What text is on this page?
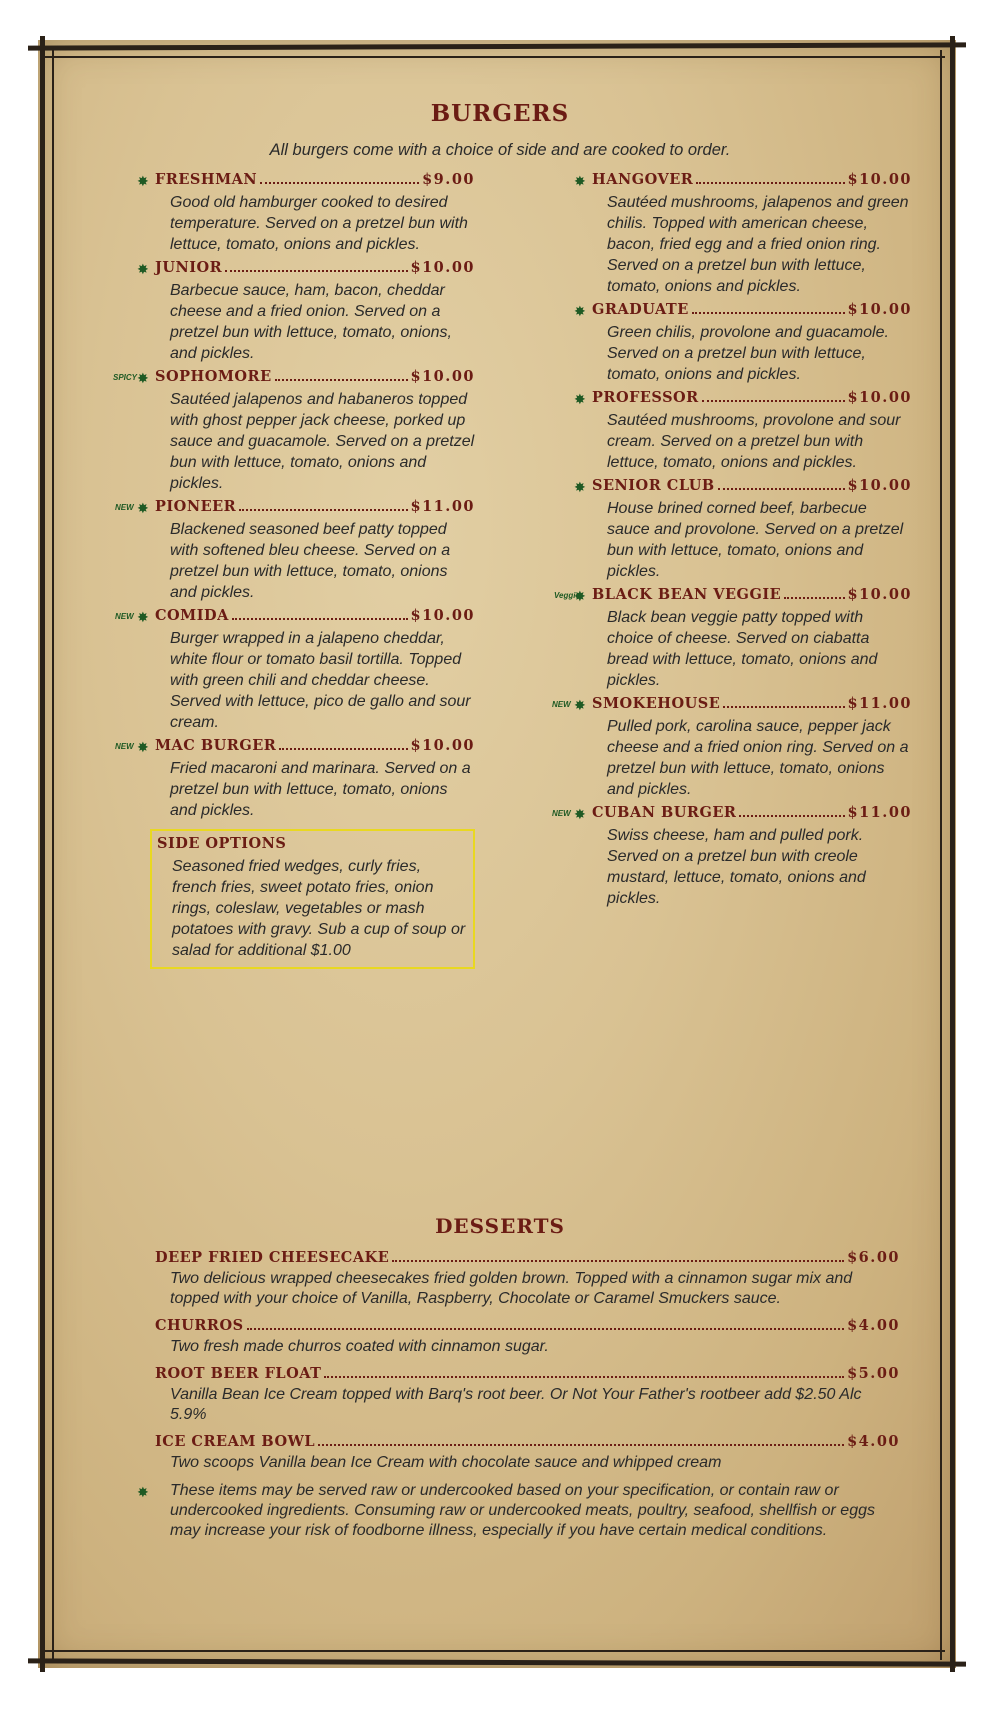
BURGERS
All burgers come with a choice of side and are cooked to order.
✸ FRESHMAN	$9.00
Good old hamburger cooked to desired temperature. Served on a pretzel bun with lettuce, tomato, onions and pickles.
✸ JUNIOR	$10.00
Barbecue sauce, ham, bacon, cheddar cheese and a fried onion. Served on a pretzel bun with lettuce, tomato, onions, and pickles.
SPICY ✸ SOPHOMORE	$10.00
Sautéed jalapenos and habaneros topped with ghost pepper jack cheese, porked up sauce and guacamole. Served on a pretzel bun with lettuce, tomato, onions and pickles.
NEW ✸ PIONEER	$11.00
Blackened seasoned beef patty topped with softened bleu cheese. Served on a pretzel bun with lettuce, tomato, onions and pickles.
NEW ✸ COMIDA	$10.00
Burger wrapped in a jalapeno cheddar, white flour or tomato basil tortilla. Topped with green chili and cheddar cheese. Served with lettuce, pico de gallo and sour cream.
NEW ✸ MAC BURGER	$10.00
Fried macaroni and marinara. Served on a pretzel bun with lettuce, tomato, onions and pickles.
SIDE OPTIONS
Seasoned fried wedges, curly fries, french fries, sweet potato fries, onion rings, coleslaw, vegetables or mash potatoes with gravy. Sub a cup of soup or salad for additional $1.00
✸ HANGOVER	$10.00
Sautéed mushrooms, jalapenos and green chilis. Topped with american cheese, bacon, fried egg and a fried onion ring. Served on a pretzel bun with lettuce, tomato, onions and pickles.
✸ GRADUATE	$10.00
Green chilis, provolone and guacamole. Served on a pretzel bun with lettuce, tomato, onions and pickles.
✸ PROFESSOR	$10.00
Sautéed mushrooms, provolone and sour cream. Served on a pretzel bun with lettuce, tomato, onions and pickles.
✸ SENIOR CLUB	$10.00
House brined corned beef, barbecue sauce and provolone. Served on a pretzel bun with lettuce, tomato, onions and pickles.
Veggie
✸ BLACK BEAN VEGGIE	$10.00
Black bean veggie patty topped with choice of cheese. Served on ciabatta bread with lettuce, tomato, onions and pickles.
NEW ✸ SMOKEHOUSE	$11.00
Pulled pork, carolina sauce, pepper jack cheese and a fried onion ring. Served on a pretzel bun with lettuce, tomato, onions and pickles.
NEW ✸ CUBAN BURGER	$11.00
Swiss cheese, ham and pulled pork. Served on a pretzel bun with creole mustard, lettuce, tomato, onions and pickles.
DESSERTS
DEEP FRIED CHEESECAKE	$6.00
Two delicious wrapped cheesecakes fried golden brown. Topped with a cinnamon sugar mix and topped with your choice of Vanilla, Raspberry, Chocolate or Caramel Smuckers sauce.
CHURROS	$4.00
Two fresh made churros coated with cinnamon sugar.
ROOT BEER FLOAT	$5.00
Vanilla Bean Ice Cream topped with Barq's root beer. Or Not Your Father's rootbeer add $2.50 Alc 5.9%
ICE CREAM BOWL	$4.00
Two scoops Vanilla bean Ice Cream with chocolate sauce and whipped cream
✸	These items may be served raw or undercooked based on your specification, or contain raw or undercooked ingredients. Consuming raw or undercooked meats, poultry, seafood, shellfish or eggs may increase your risk of foodborne illness, especially if you have certain medical conditions.
